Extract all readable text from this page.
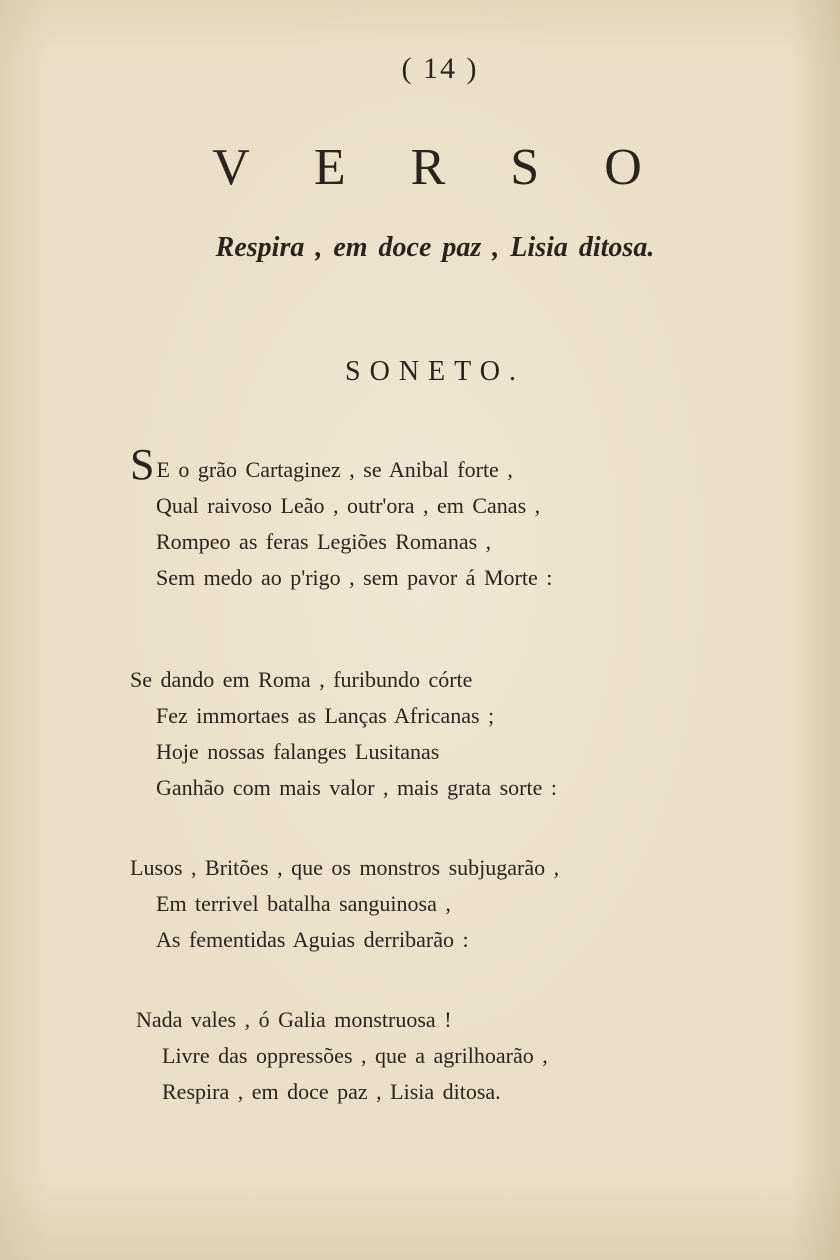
( 14 )
V E R S O
Respira , em doce paz , Lisia ditosa.
SONETO.
SE o grão Cartaginez , se Anibal forte ,
Qual raivoso Leão , outr'ora , em Canas ,
Rompeo as feras Legiões Romanas ,
Sem medo ao p'rigo , sem pavor á Morte :
Se dando em Roma , furibundo córte
Fez immortaes as Lanças Africanas ;
Hoje nossas falanges Lusitanas
Ganhão com mais valor , mais grata sorte :
Lusos , Britões , que os monstros subjugarão ,
Em terrivel batalha sanguinosa ,
As fementidas Aguias derribarão :
Nada vales , ó Galia monstruosa !
Livre das oppressões , que a agrilhoarão ,
Respira , em doce paz , Lisia ditosa.
